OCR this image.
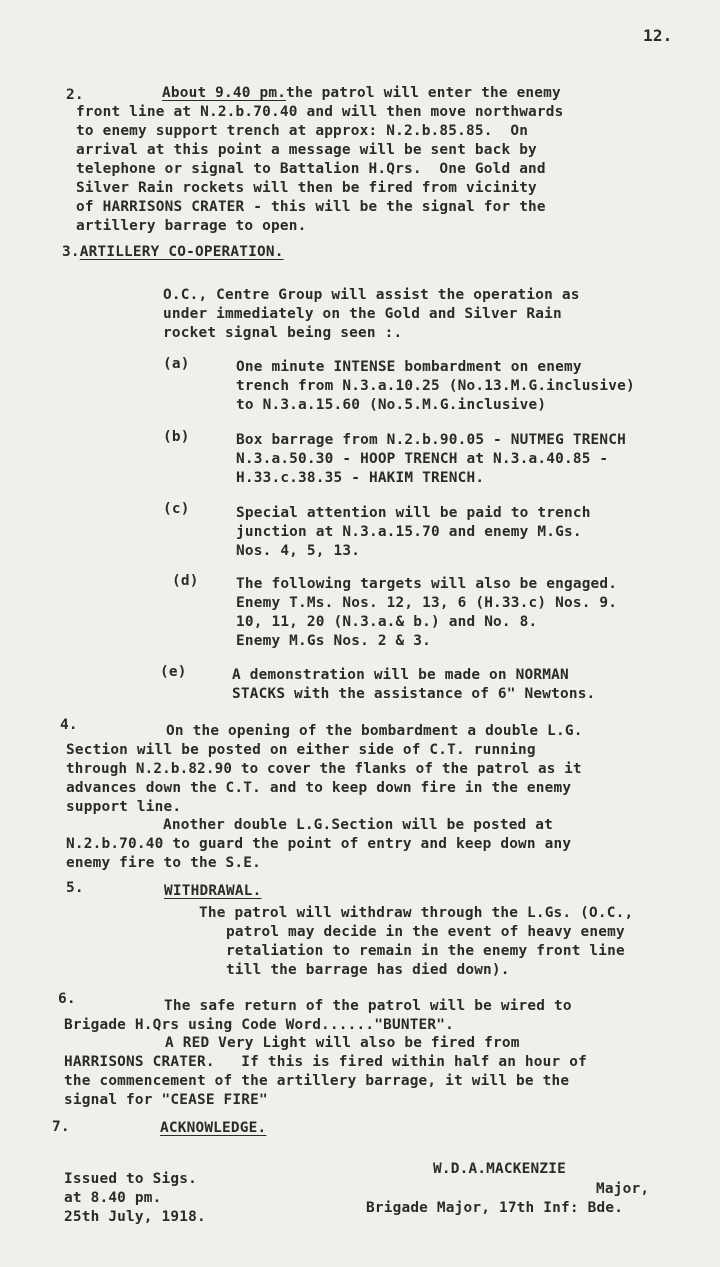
12.
2.	About 9.40 pm.the patrol will enter the enemy
front line at N.2.b.70.40 and will then move northwards
to enemy support trench at approx: N.2.b.85.85.  On
arrival at this point a message will be sent back by
telephone or signal to Battalion H.Qrs.  One Gold and
Silver Rain rockets will then be fired from vicinity
of HARRISONS CRATER - this will be the signal for the
artillery barrage to open.
3.ARTILLERY CO-OPERATION.
O.C., Centre Group will assist the operation as
under immediately on the Gold and Silver Rain
rocket signal being seen :.
(a)	One minute INTENSE bombardment on enemy
trench from N.3.a.10.25 (No.13.M.G.inclusive)
to N.3.a.15.60 (No.5.M.G.inclusive)
(b)	Box barrage from N.2.b.90.05 - NUTMEG TRENCH
N.3.a.50.30 - HOOP TRENCH at N.3.a.40.85 -
H.33.c.38.35 - HAKIM TRENCH.
(c)	Special attention will be paid to trench
junction at N.3.a.15.70 and enemy M.Gs.
Nos. 4, 5, 13.
(d)	The following targets will also be engaged.
Enemy T.Ms. Nos. 12, 13, 6 (H.33.c) Nos. 9.
10, 11, 20 (N.3.a.& b.) and No. 8.
Enemy M.Gs Nos. 2 & 3.
(e)	A demonstration will be made on NORMAN
STACKS with the assistance of 6" Newtons.
4.	On the opening of the bombardment a double L.G.
Section will be posted on either side of C.T. running
through N.2.b.82.90 to cover the flanks of the patrol as it
advances down the C.T. and to keep down fire in the enemy
support line.
Another double L.G.Section will be posted at
N.2.b.70.40 to guard the point of entry and keep down any
enemy fire to the S.E.
5.	WITHDRAWAL.
The patrol will withdraw through the L.Gs. (O.C.,
patrol may decide in the event of heavy enemy
retaliation to remain in the enemy front line
till the barrage has died down).
6.	The safe return of the patrol will be wired to
Brigade H.Qrs using Code Word......"BUNTER".
A RED Very Light will also be fired from
HARRISONS CRATER.   If this is fired within half an hour of
the commencement of the artillery barrage, it will be the
signal for "CEASE FIRE"
7.	ACKNOWLEDGE.
Issued to Sigs.
at 8.40 pm.
25th July, 1918.
W.D.A.MACKENZIE
Major,
Brigade Major, 17th Inf: Bde.
